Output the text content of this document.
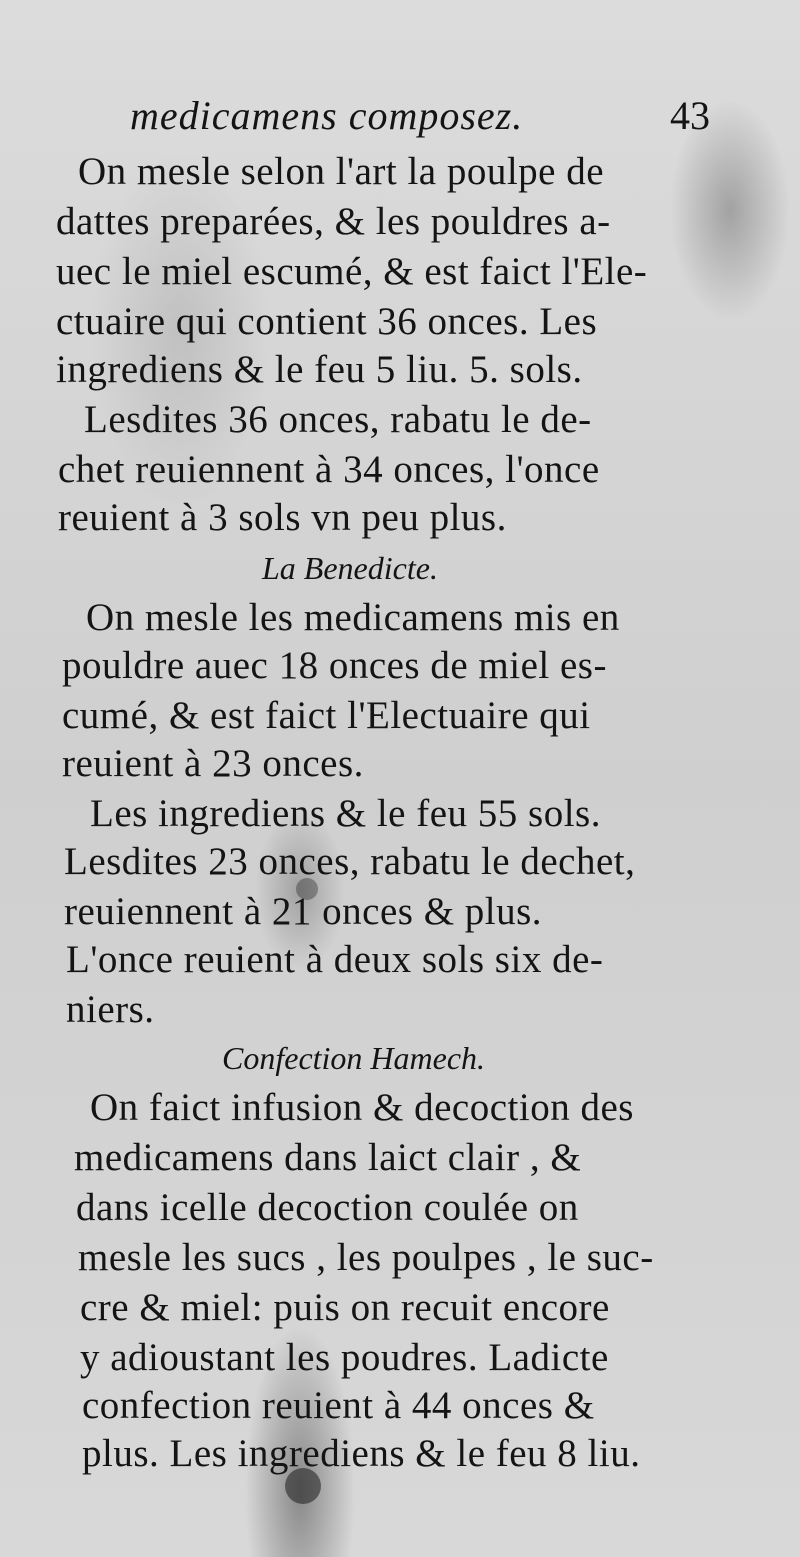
medicamens composez.	43
On mesle selon l'art la poulpe de
dattes preparées, & les pouldres a-
uec le miel escumé, & est faict l'Ele-
ctuaire qui contient 36 onces. Les
ingrediens & le feu 5 liu. 5. sols.
Lesdites 36 onces, rabatu le de-
chet reuiennent à 34 onces, l'once
reuient à 3 sols vn peu plus.
La Benedicte.
On mesle les medicamens mis en
pouldre auec 18 onces de miel es-
cumé, & est faict l'Electuaire qui
reuient à 23 onces.
Les ingrediens & le feu 55 sols.
Lesdites 23 onces, rabatu le dechet,
reuiennent à 21 onces & plus.
L'once reuient à deux sols six de-
niers.
Confection Hamech.
On faict infusion & decoction des
medicamens dans laict clair , &
dans icelle decoction coulée on
mesle les sucs , les poulpes , le suc-
cre & miel: puis on recuit encore
y adioustant les poudres. Ladicte
confection reuient à 44 onces &
plus. Les ingrediens & le feu 8 liu.
